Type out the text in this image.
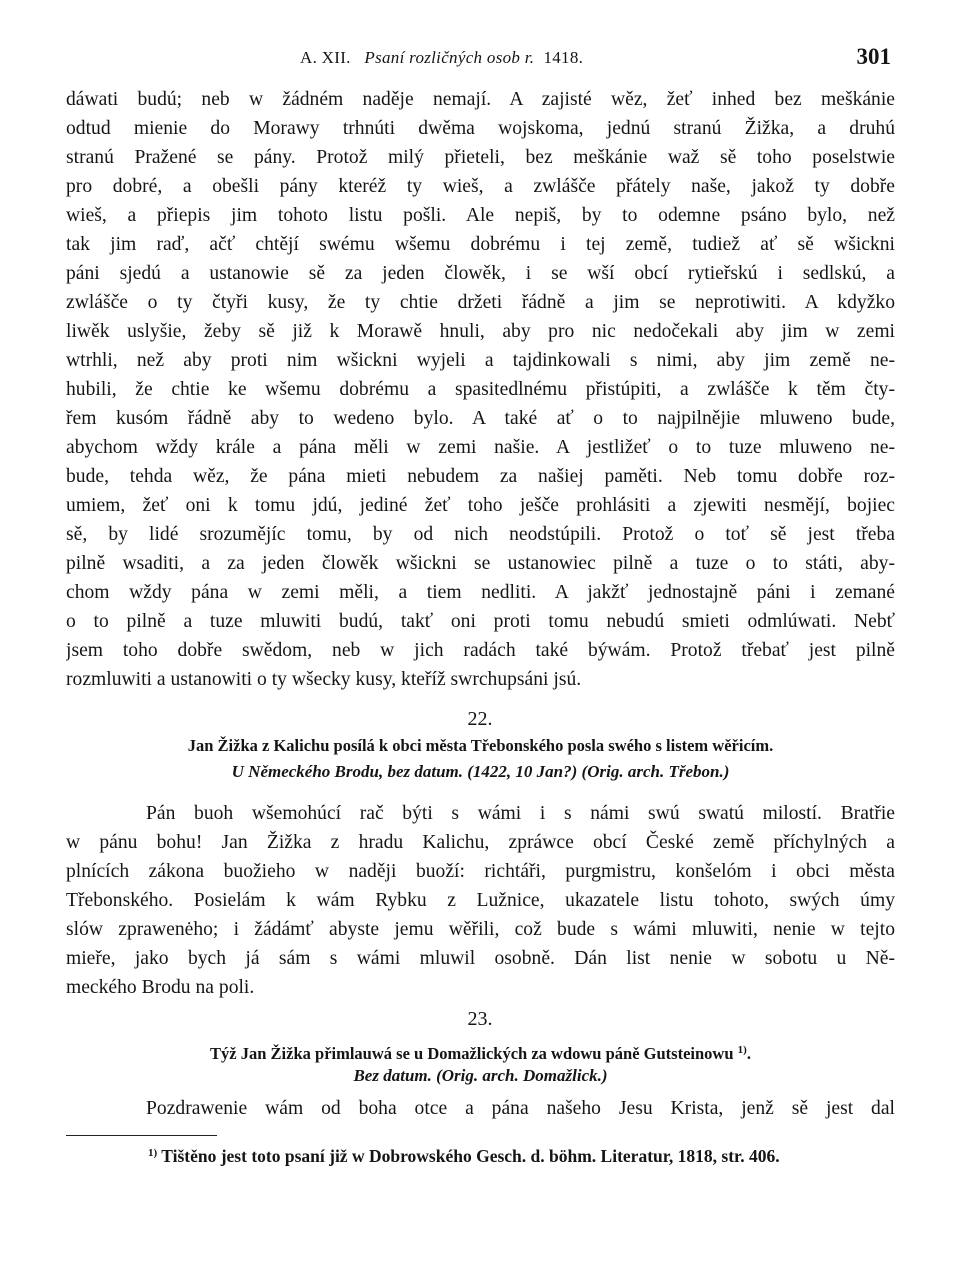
A. XII. Psaní rozličných osob r. 1418.	301
dáwati budú; neb w žádném naděje nemají. A zajisté wěz, žeť inhed bez meškánie
odtud mienie do Morawy trhnúti dwěma wojskoma, jednú stranú Žižka, a druhú
stranú Pražené se pány. Protož milý přieteli, bez meškánie waž sě toho poselstwie
pro dobré, a obešli pány kteréž ty wieš, a zwlášče přátely naše, jakož ty dobře
wieš, a přiepis jim tohoto listu pošli. Ale nepiš, by to odemne psáno bylo, než
tak jim raď, ačť chtějí swému wšemu dobrému i tej země, tudiež ať sě wšickni
páni sjedú a ustanowie sě za jeden člowěk, i se wší obcí rytieřskú i sedlskú, a
zwlášče o ty čtyři kusy, že ty chtie držeti řádně a jim se neprotiwiti. A kdyžko
liwěk uslyšie, žeby sě již k Morawě hnuli, aby pro nic nedočekali aby jim w zemi
wtrhli, než aby proti nim wšickni wyjeli a tajdinkowali s nimi, aby jim země ne-
hubili, že chtie ke wšemu dobrému a spasitedlnému přistúpiti, a zwlášče k těm čty-
řem kusóm řádně aby to wedeno bylo. A také ať o to najpilnějie mluweno bude,
abychom wždy krále a pána měli w zemi našie. A jestližeť o to tuze mluweno ne-
bude, tehda wěz, že pána mieti nebudem za našiej paměti. Neb tomu dobře roz-
umiem, žeť oni k tomu jdú, jediné žeť toho ješče prohlásiti a zjewiti nesmějí, bojiec
sě, by lidé srozumějíc tomu, by od nich neodstúpili. Protož o toť sě jest třeba
pilně wsaditi, a za jeden člowěk wšickni se ustanowiec pilně a tuze o to státi, aby-
chom wždy pána w zemi měli, a tiem nedliti. A jakžť jednostajně páni i zemané
o to pilně a tuze mluwiti budú, takť oni proti tomu nebudú smieti odmlúwati. Nebť
jsem toho dobře swědom, neb w jich radách také býwám. Protož třebať jest pilně
rozmluwiti a ustanowiti o ty wšecky kusy, kteříž swrchupsáni jsú.
22.
Jan Žižka z Kalichu posílá k obci města Třebonského posla swého s listem wěřicím.
U Německého Brodu, bez datum. (1422, 10 Jan?) (Orig. arch. Třebon.)
Pán buoh wšemohúcí rač býti s wámi i s námi swú swatú milostí. Bratřie
w pánu bohu! Jan Žižka z hradu Kalichu, zpráwce obcí České země příchylných a
plnících zákona buožieho w naději buoží: richtáři, purgmistru, konšelóm i obci města
Třebonského. Posielám k wám Rybku z Lužnice, ukazatele listu tohoto, swých úmy
slów zprawenėho; i žádámť abyste jemu wěřili, což bude s wámi mluwiti, nenie w tejto
mieře, jako bych já sám s wámi mluwil osobně. Dán list nenie w sobotu u Ně-
meckého Brodu na poli.
23.
Týž Jan Žižka přimlauwá se u Domažlických za wdowu páně Gutsteinowu $^{1)}$.
Bez datum. (Orig. arch. Domažlick.)
Pozdrawenie wám od boha otce a pána našeho Jesu Krista, jenž sě jest dal
$^{1)}$ Tištěno jest toto psaní již w Dobrowského Gesch. d. böhm. Literatur, 1818, str. 406.
